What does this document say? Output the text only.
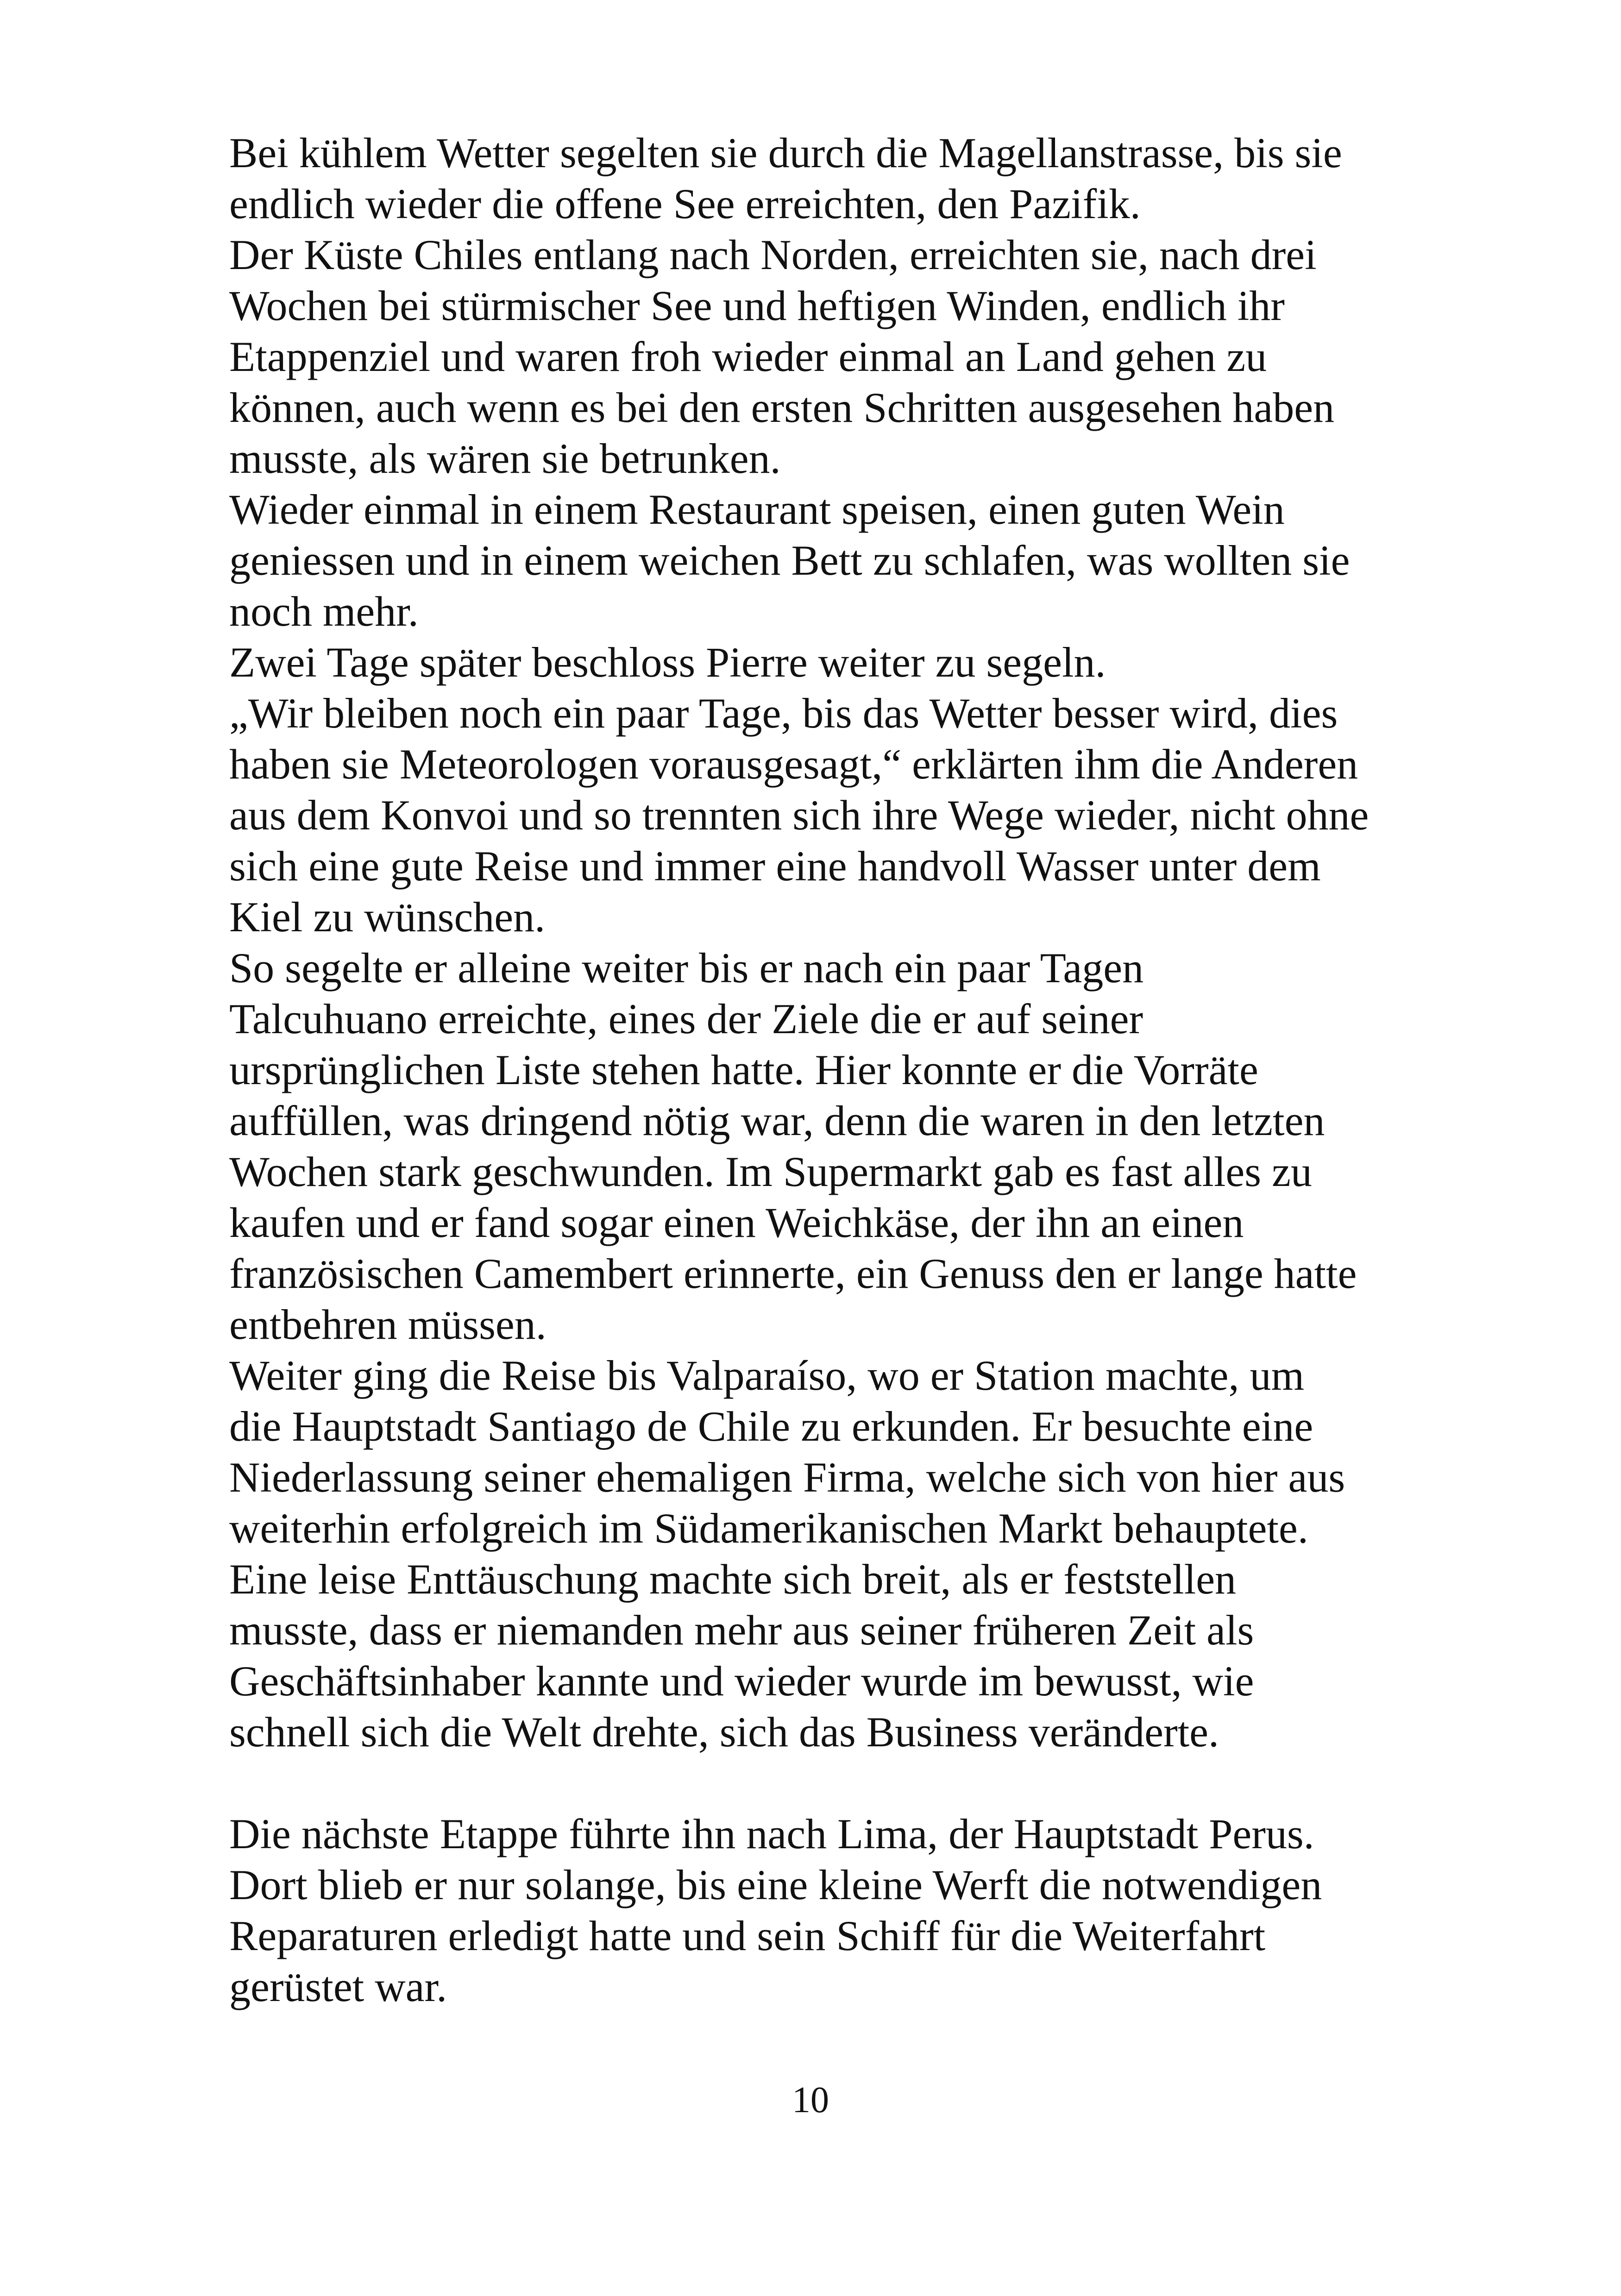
Bei kühlem Wetter segelten sie durch die Magellanstrasse, bis sie
endlich wieder die offene See erreichten, den Pazifik.

Der Küste Chiles entlang nach Norden, erreichten sie, nach drei
Wochen bei stürmischer See und heftigen Winden, endlich ihr
Etappenziel und waren froh wieder einmal an Land gehen zu
können, auch wenn es bei den ersten Schritten ausgesehen haben
musste, als wären sie betrunken.

Wieder einmal in einem Restaurant speisen, einen guten Wein
geniessen und in einem weichen Bett zu schlafen, was wollten sie
noch mehr.

Zwei Tage später beschloss Pierre weiter zu segeln.

„Wir bleiben noch ein paar Tage, bis das Wetter besser wird, dies
haben sie Meteorologen vorausgesagt,“ erklärten ihm die Anderen
aus dem Konvoi und so trennten sich ihre Wege wieder, nicht ohne
sich eine gute Reise und immer eine handvoll Wasser unter dem
Kiel zu wünschen.

So segelte er alleine weiter bis er nach ein paar Tagen
Talcuhuano erreichte, eines der Ziele die er auf seiner
ursprünglichen Liste stehen hatte. Hier konnte er die Vorräte
auffüllen, was dringend nötig war, denn die waren in den letzten
Wochen stark geschwunden. Im Supermarkt gab es fast alles zu
kaufen und er fand sogar einen Weichkäse, der ihn an einen
französischen Camembert erinnerte, ein Genuss den er lange hatte
entbehren müssen.

Weiter ging die Reise bis Valparaíso, wo er Station machte, um
die Hauptstadt Santiago de Chile zu erkunden. Er besuchte eine
Niederlassung seiner ehemaligen Firma, welche sich von hier aus
weiterhin erfolgreich im Südamerikanischen Markt behauptete.

Eine leise Enttäuschung machte sich breit, als er feststellen
musste, dass er niemanden mehr aus seiner früheren Zeit als
Geschäftsinhaber kannte und wieder wurde im bewusst, wie
schnell sich die Welt drehte, sich das Business veränderte.

Die nächste Etappe führte ihn nach Lima, der Hauptstadt Perus.
Dort blieb er nur solange, bis eine kleine Werft die notwendigen
Reparaturen erledigt hatte und sein Schiff für die Weiterfahrt
gerüstet war.

10
